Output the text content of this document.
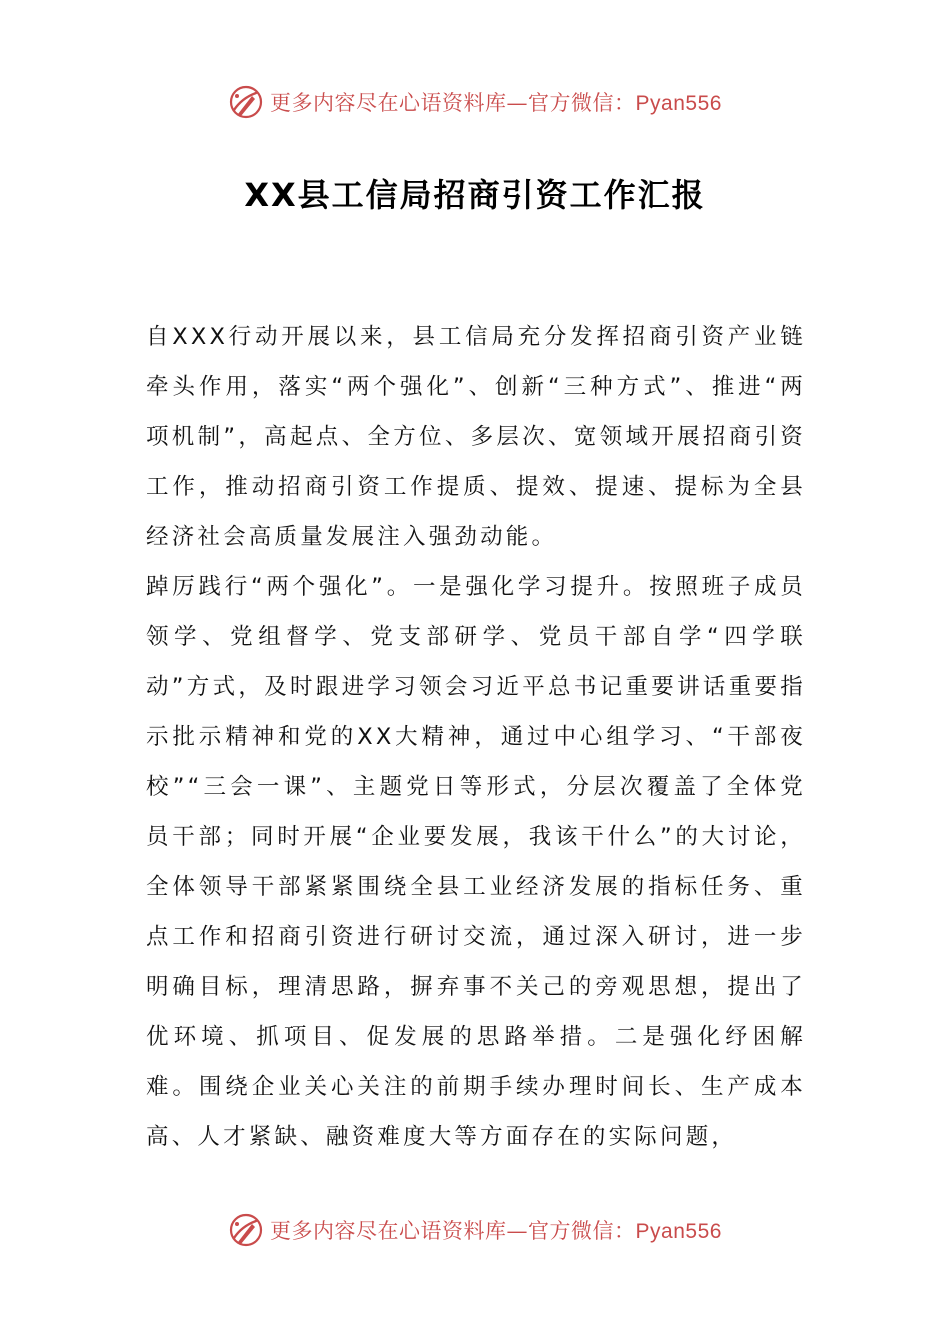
更多内容尽在心语资料库—官方微信：Pyan556
XX县工信局招商引资工作汇报

自XXX行动开展以来，县工信局充分发挥招商引资产业链牵头作用，落实“两个强化”、创新“三种方式”、推进“两项机制”，高起点、全方位、多层次、宽领域开展招商引资工作，推动招商引资工作提质、提效、提速、提标为全县经济社会高质量发展注入强劲动能。

踔厉践行“两个强化”。一是强化学习提升。按照班子成员领学、党组督学、党支部研学、党员干部自学“四学联动”方式，及时跟进学习领会习近平总书记重要讲话重要指示批示精神和党的XX大精神，通过中心组学习、“干部夜校”“三会一课”、主题党日等形式，分层次覆盖了全体党员干部；同时开展“企业要发展，我该干什么”的大讨论，全体领导干部紧紧围绕全县工业经济发展的指标任务、重点工作和招商引资进行研讨交流，通过深入研讨，进一步明确目标，理清思路，摒弃事不关己的旁观思想，提出了优环境、抓项目、促发展的思路举措。二是强化纾困解难。围绕企业关心关注的前期手续办理时间长、生产成本高、人才紧缺、融资难度大等方面存在的实际问题，

更多内容尽在心语资料库—官方微信：Pyan556
